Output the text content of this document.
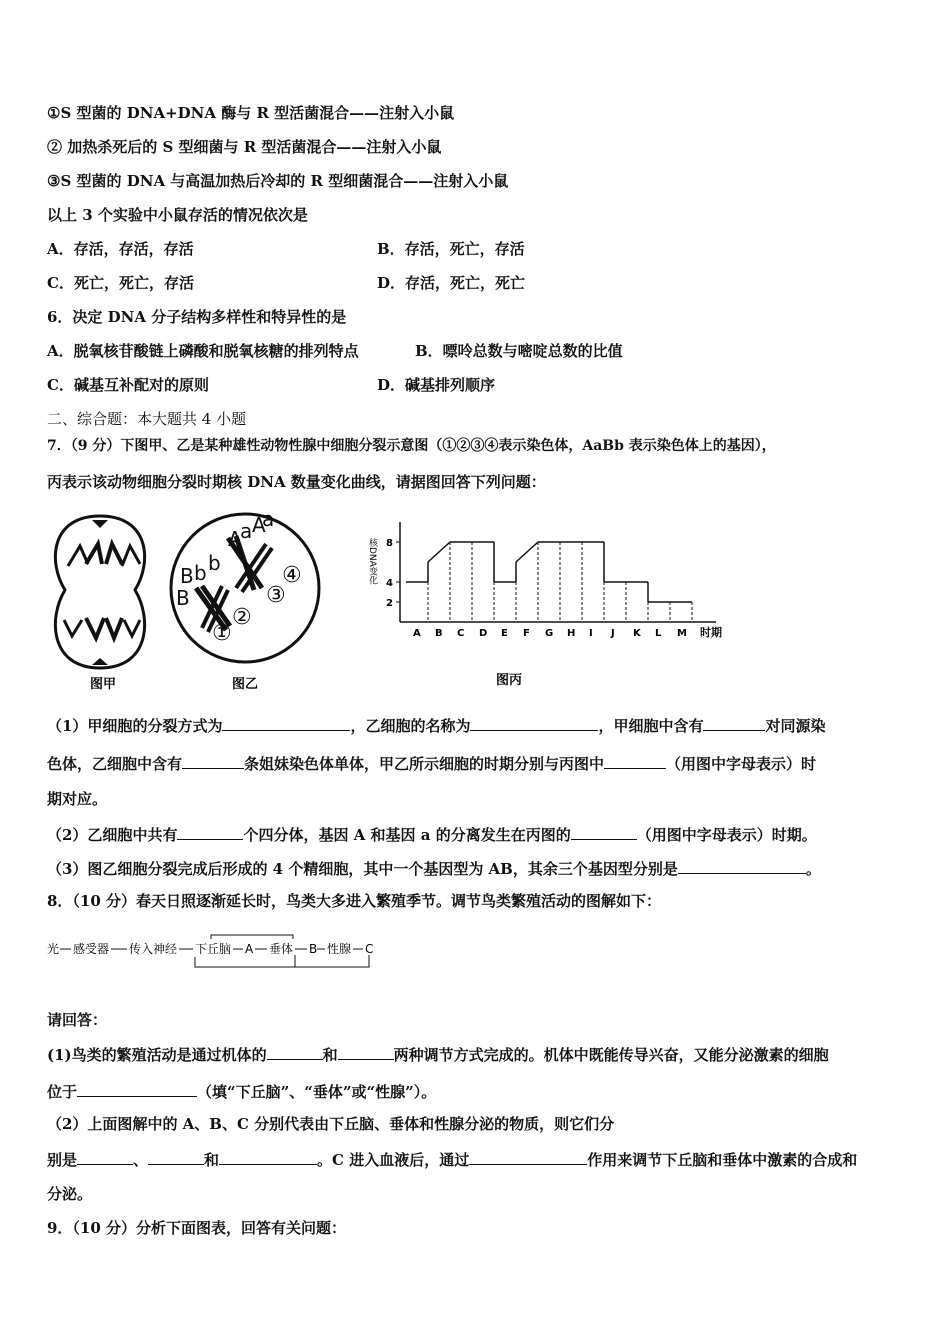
①S 型菌的 DNA+DNA 酶与 R 型活菌混合——注射入小鼠
② 加热杀死后的 S 型细菌与 R 型活菌混合——注射入小鼠
③S 型菌的 DNA 与高温加热后冷却的 R 型细菌混合——注射入小鼠
以上 3 个实验中小鼠存活的情况依次是
A．存活，存活，存活	B．存活，死亡，存活
C．死亡，死亡，存活	D．存活，死亡，死亡
6．决定 DNA 分子结构多样性和特异性的是
A．脱氧核苷酸链上磷酸和脱氧核糖的排列特点	B．嘌呤总数与嘧啶总数的比值
C．碱基互补配对的原则	D．碱基排列顺序
二、综合题：本大题共 4 小题
7．（9 分）下图甲、乙是某种雄性动物性腺中细胞分裂示意图（①②③④表示染色体，AaBb 表示染色体上的基因），
丙表示该动物细胞分裂时期核 DNA 数量变化曲线，请据图回答下列问题：
图甲
A
a A
a
B b
B
b
①
②
③
④
图乙
2
4
8
核DNA变化
时期
A B C D E F G H I J K L M
图丙
（1）甲细胞的分裂方式为	，乙细胞的名称为	，甲细胞中含有	对同源染
色体，乙细胞中含有	条姐妹染色体单体，甲乙所示细胞的时期分别与丙图中	（用图中字母表示）时
期对应。
（2）乙细胞中共有	个四分体，基因 A 和基因 a 的分离发生在丙图的	（用图中字母表示）时期。
（3）图乙细胞分裂完成后形成的 4 个精细胞，其中一个基因型为 AB，其余三个基因型分别是	。
8．（10 分）春天日照逐渐延长时，鸟类大多进入繁殖季节。调节鸟类繁殖活动的图解如下：
光 感受器 传入神经 下丘脑 A 垂体 B 性腺 C
请回答：
(1)鸟类的繁殖活动是通过机体的	和	两种调节方式完成的。机体中既能传导兴奋，又能分泌激素的细胞
位于	（填“下丘脑”、“垂体”或“性腺”）。
（2）上面图解中的 A、B、C 分别代表由下丘脑、垂体和性腺分泌的物质，则它们分
别是	、	和	。C 进入血液后，通过	作用来调节下丘脑和垂体中激素的合成和
分泌。
9．（10 分）分析下面图表，回答有关问题：
